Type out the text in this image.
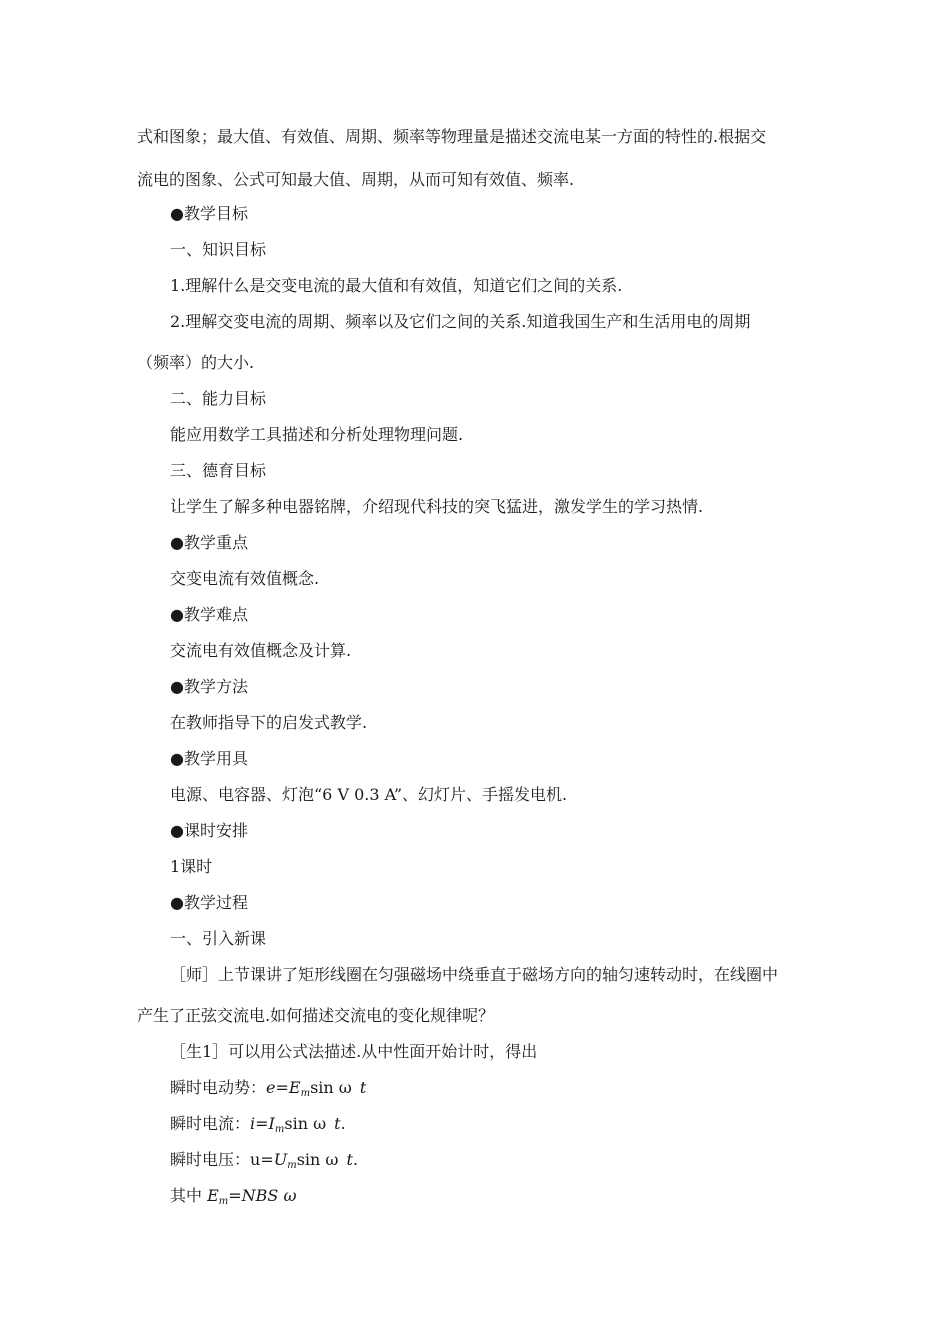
式和图象；最大值、有效值、周期、频率等物理量是描述交流电某一方面的特性的.根据交
流电的图象、公式可知最大值、周期，从而可知有效值、频率.
●教学目标
一、知识目标
1.理解什么是交变电流的最大值和有效值，知道它们之间的关系.
2.理解交变电流的周期、频率以及它们之间的关系.知道我国生产和生活用电的周期
（频率）的大小.
二、能力目标
能应用数学工具描述和分析处理物理问题.
三、德育目标
让学生了解多种电器铭牌，介绍现代科技的突飞猛进，激发学生的学习热情.
●教学重点
交变电流有效值概念.
●教学难点
交流电有效值概念及计算.
●教学方法
在教师指导下的启发式教学.
●教学用具
电源、电容器、灯泡“6 V 0.3 A”、幻灯片、手摇发电机.
●课时安排
1课时
●教学过程
一、引入新课
［师］上节课讲了矩形线圈在匀强磁场中绕垂直于磁场方向的轴匀速转动时，在线圈中
产生了正弦交流电.如何描述交流电的变化规律呢？
［生1］可以用公式法描述.从中性面开始计时，得出
瞬时电动势：$e=E_m\sin$ ω t
瞬时电流：$i=I_m\sin$ ω t.
瞬时电压：$u=U_m\sin$ ω t.
其中 $E_m=NBS$ ω
